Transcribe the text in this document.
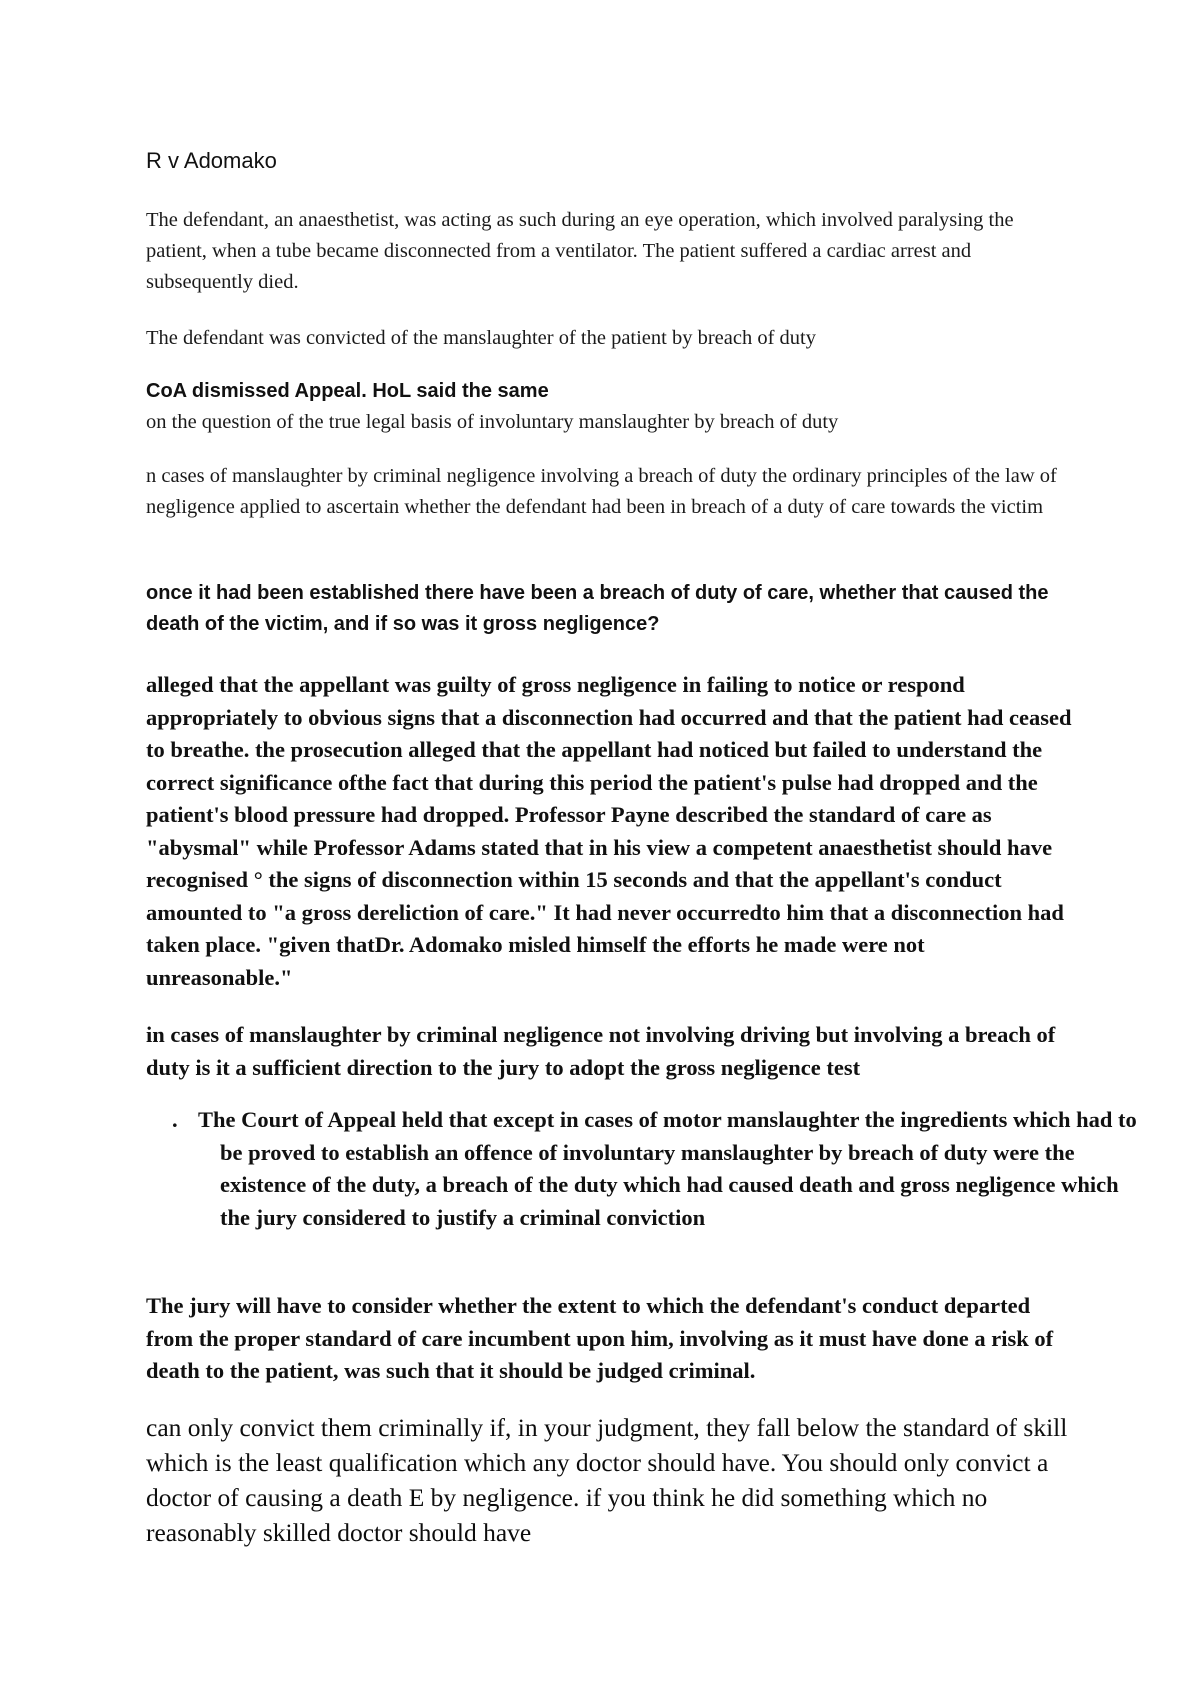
R v Adomako

The defendant, an anaesthetist, was acting as such during an eye operation, which involved paralysing the patient, when a tube became disconnected from a ventilator. The patient suffered a cardiac arrest and subsequently died.

The defendant was convicted of the manslaughter of the patient by breach of duty

CoA dismissed Appeal. HoL said the same

on the question of the true legal basis of involuntary manslaughter by breach of duty

n cases of manslaughter by criminal negligence involving a breach of duty the ordinary principles of the law of negligence applied to ascertain whether the defendant had been in breach of a duty of care towards the victim

once it had been established there have been a breach of duty of care, whether that caused the death of the victim, and if so was it gross negligence?

alleged that the appellant was guilty of gross negligence in failing to notice or respond appropriately to obvious signs that a disconnection had occurred and that the patient had ceased to breathe. the prosecution alleged that the appellant had noticed but failed to understand the correct significance ofthe fact that during this period the patient's pulse had dropped and the patient's blood pressure had dropped. Professor Payne described the standard of care as "abysmal" while Professor Adams stated that in his view a competent anaesthetist should have recognised ° the signs of disconnection within 15 seconds and that the appellant's conduct amounted to "a gross dereliction of care." It had never occurredto him that a disconnection had taken place. "given thatDr. Adomako misled himself the efforts he made were not unreasonable."

in cases of manslaughter by criminal negligence not involving driving but involving a breach of duty is it a sufficient direction to the jury to adopt the gross negligence test

. The Court of Appeal held that except in cases of motor manslaughter the ingredients which had to be proved to establish an offence of involuntary manslaughter by breach of duty were the existence of the duty, a breach of the duty which had caused death and gross negligence which the jury considered to justify a criminal conviction

The jury will have to consider whether the extent to which the defendant's conduct departed from the proper standard of care incumbent upon him, involving as it must have done a risk of death to the patient, was such that it should be judged criminal.

can only convict them criminally if, in your judgment, they fall below the standard of skill which is the least qualification which any doctor should have. You should only convict a doctor of causing a death E by negligence. if you think he did something which no reasonably skilled doctor should have
